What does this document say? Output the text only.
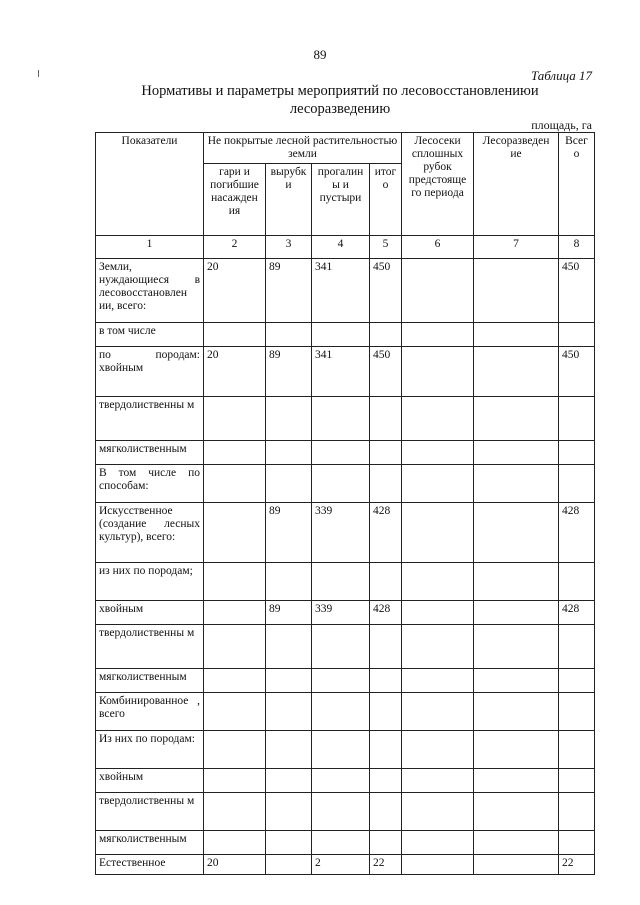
89
Таблица 17
Нормативы и параметры мероприятий по лесовосстановлениюи лесоразведению
площадь, га
Показатели	Не покрытые лесной растительностью земли				Лесосеки сплошных рубок предстояще го периода	Лесоразведен ие	Всег о
	гари и погибшие насажден ия	вырубк и	прогалин ы и пустыри	итог о			
1	2	3	4	5	6	7	8
Земли, нуждающиеся в лесовосстановлен ии, всего:	20	89	341	450			450
в том числе							
по породам: хвойным	20	89	341	450			450
твердолиственны м							
мягколиственным							
В том числе по способам:							
Искусственное (создание лесных культур), всего:		89	339	428			428
из них по породам;							
хвойным		89	339	428			428
твердолиственны м							
мягколиственным							
Комбинированное , всего							
Из них по породам:							
хвойным							
твердолиственны м							
мягколиственным							
Естественное	20		2	22			22
